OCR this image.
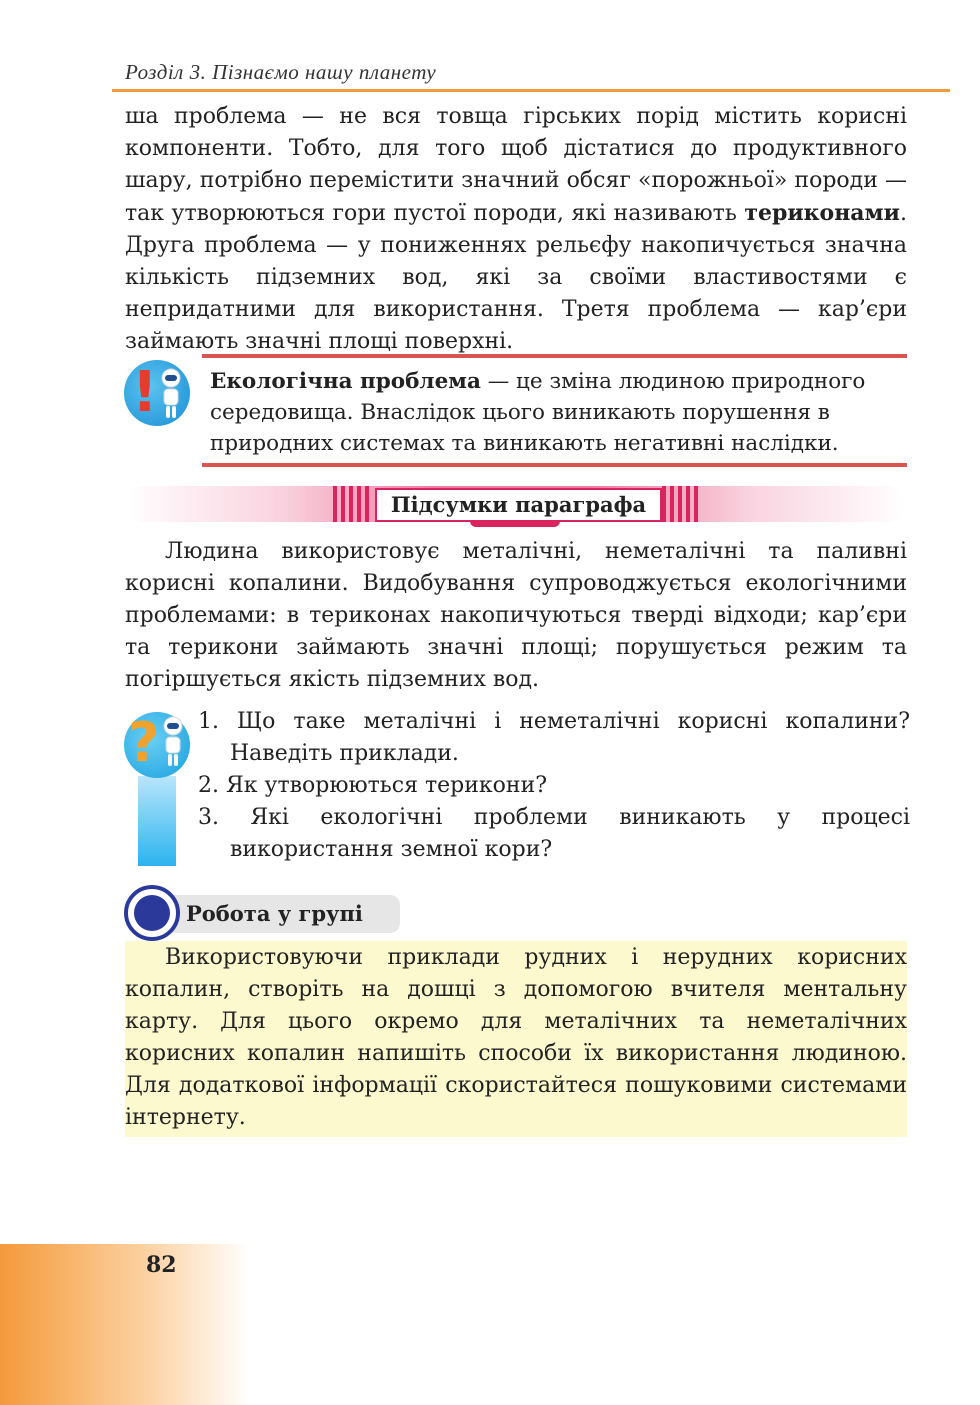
Розділ 3. Пізнаємо нашу планету

ша проблема — не вся товща гірських порід містить корисні компоненти. Тобто, для того щоб дістатися до продуктивного шару, потрібно перемістити значний обсяг «порожньої» породи — так утворюються гори пустої породи, які називають териконами. Друга проблема — у пониженнях рельєфу накопичується значна кількість підземних вод, які за своїми властивостями є непридатними для використання. Третя проблема — кар’єри займають значні площі поверхні.

! Екологічна проблема — це зміна людиною природного середовища. Внаслідок цього виникають порушення в природних системах та виникають негативні наслідки.

Підсумки параграфа

Людина використовує металічні, неметалічні та паливні корисні копалини. Видобування супроводжується екологічними проблемами: в териконах накопичуються тверді відходи; кар’єри та терикони займають значні площі; порушується режим та погіршується якість підземних вод.

? 1. Що таке металічні і неметалічні корисні копалини? Наведіть приклади.
2. Як утворюються терикони?
3. Які екологічні проблеми виникають у процесі використання земної кори?
Робота у групі

Використовуючи приклади рудних і нерудних корисних копалин, створіть на дошці з допомогою вчителя ментальну карту. Для цього окремо для металічних та неметалічних корисних копалин напишіть способи їх використання людиною. Для додаткової інформації скористайтеся пошуковими системами інтернету.

82
